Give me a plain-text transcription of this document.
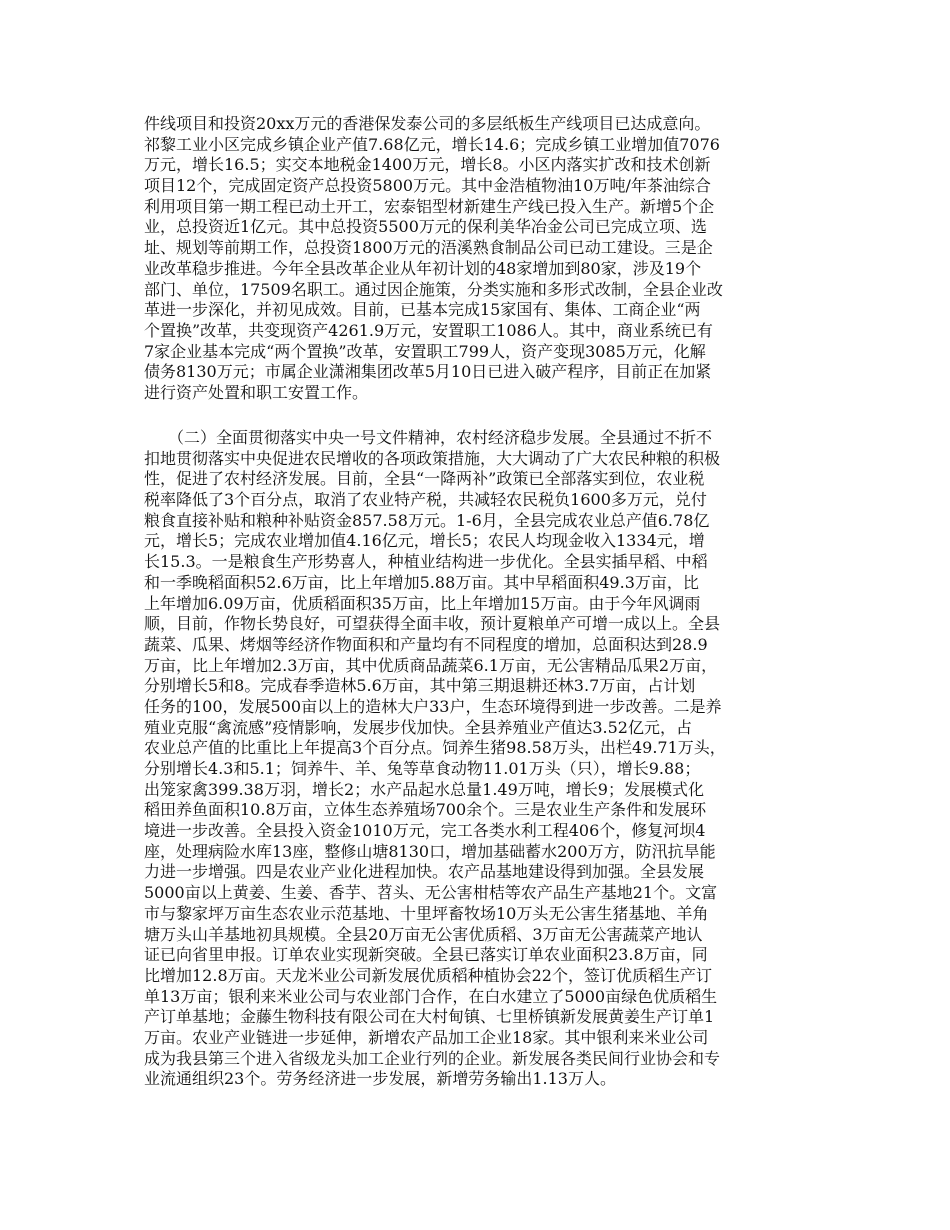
件线项目和投资20xx万元的香港保发泰公司的多层纸板生产线项目已达成意向。
祁黎工业小区完成乡镇企业产值7.68亿元，增长14.6；完成乡镇工业增加值7076
万元，增长16.5；实交本地税金1400万元，增长8。小区内落实扩改和技术创新
项目12个，完成固定资产总投资5800万元。其中金浩植物油10万吨/年茶油综合
利用项目第一期工程已动土开工，宏泰铝型材新建生产线已投入生产。新增5个企
业，总投资近1亿元。其中总投资5500万元的保利美华冶金公司已完成立项、选
址、规划等前期工作，总投资1800万元的浯溪熟食制品公司已动工建设。三是企
业改革稳步推进。今年全县改革企业从年初计划的48家增加到80家，涉及19个
部门、单位，17509名职工。通过因企施策，分类实施和多形式改制，全县企业改
革进一步深化，并初见成效。目前，已基本完成15家国有、集体、工商企业“两
个置换”改革，共变现资产4261.9万元，安置职工1086人。其中，商业系统已有
7家企业基本完成“两个置换”改革，安置职工799人，资产变现3085万元，化解
债务8130万元；市属企业潇湘集团改革5月10日已进入破产程序，目前正在加紧
进行资产处置和职工安置工作。
　　（二）全面贯彻落实中央一号文件精神，农村经济稳步发展。全县通过不折不
扣地贯彻落实中央促进农民增收的各项政策措施，大大调动了广大农民种粮的积极
性，促进了农村经济发展。目前，全县“一降两补”政策已全部落实到位，农业税
税率降低了3个百分点，取消了农业特产税，共减轻农民税负1600多万元，兑付
粮食直接补贴和粮种补贴资金857.58万元。1-6月，全县完成农业总产值6.78亿
元，增长5；完成农业增加值4.16亿元，增长5；农民人均现金收入1334元，增
长15.3。一是粮食生产形势喜人，种植业结构进一步优化。全县实插早稻、中稻
和一季晚稻面积52.6万亩，比上年增加5.88万亩。其中早稻面积49.3万亩，比
上年增加6.09万亩，优质稻面积35万亩，比上年增加15万亩。由于今年风调雨
顺，目前，作物长势良好，可望获得全面丰收，预计夏粮单产可增一成以上。全县
蔬菜、瓜果、烤烟等经济作物面积和产量均有不同程度的增加，总面积达到28.9
万亩，比上年增加2.3万亩，其中优质商品蔬菜6.1万亩，无公害精品瓜果2万亩，
分别增长5和8。完成春季造林5.6万亩，其中第三期退耕还林3.7万亩，占计划
任务的100，发展500亩以上的造林大户33户，生态环境得到进一步改善。二是养
殖业克服“禽流感”疫情影响，发展步伐加快。全县养殖业产值达3.52亿元，占
农业总产值的比重比上年提高3个百分点。饲养生猪98.58万头，出栏49.71万头，
分别增长4.3和5.1；饲养牛、羊、兔等草食动物11.01万头（只），增长9.88；
出笼家禽399.38万羽，增长2；水产品起水总量1.49万吨，增长9；发展模式化
稻田养鱼面积10.8万亩，立体生态养殖场700余个。三是农业生产条件和发展环
境进一步改善。全县投入资金1010万元，完工各类水利工程406个，修复河坝4
座，处理病险水库13座，整修山塘8130口，增加基础蓄水200万方，防汛抗旱能
力进一步增强。四是农业产业化进程加快。农产品基地建设得到加强。全县发展
5000亩以上黄姜、生姜、香芋、苕头、无公害柑桔等农产品生产基地21个。文富
市与黎家坪万亩生态农业示范基地、十里坪畜牧场10万头无公害生猪基地、羊角
塘万头山羊基地初具规模。全县20万亩无公害优质稻、3万亩无公害蔬菜产地认
证已向省里申报。订单农业实现新突破。全县已落实订单农业面积23.8万亩，同
比增加12.8万亩。天龙米业公司新发展优质稻种植协会22个，签订优质稻生产订
单13万亩；银利来米业公司与农业部门合作，在白水建立了5000亩绿色优质稻生
产订单基地；金藤生物科技有限公司在大村甸镇、七里桥镇新发展黄姜生产订单1
万亩。农业产业链进一步延伸，新增农产品加工企业18家。其中银利来米业公司
成为我县第三个进入省级龙头加工企业行列的企业。新发展各类民间行业协会和专
业流通组织23个。劳务经济进一步发展，新增劳务输出1.13万人。
